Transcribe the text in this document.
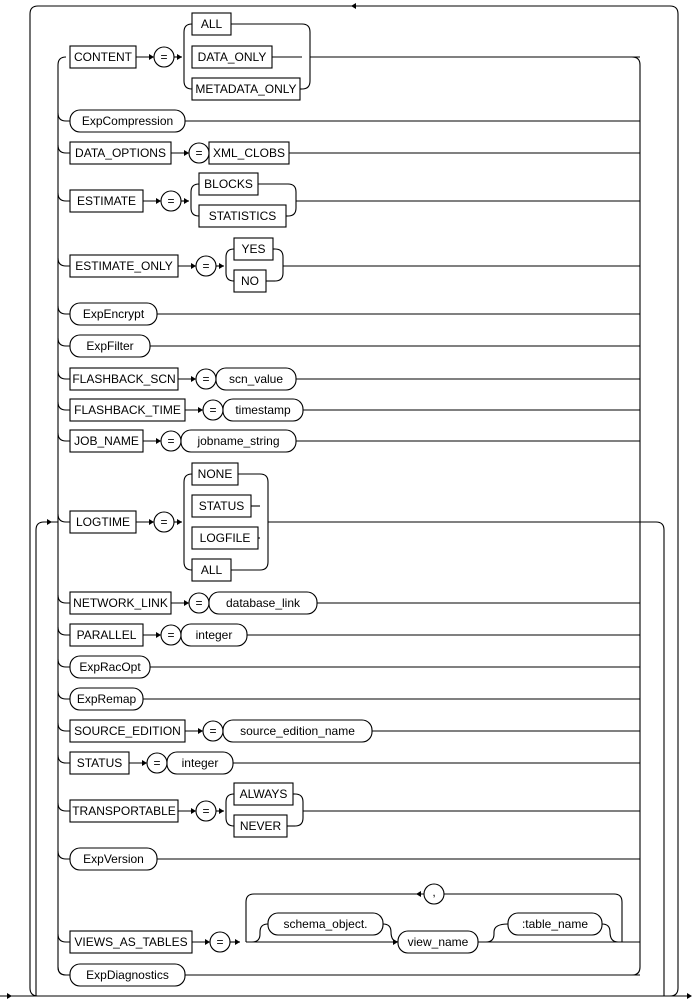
CONTENT =
ALL
DATA_ONLY
METADATA_ONLY
ExpCompression
DATA_OPTIONS = XML_CLOBS
ESTIMATE	=
BLOCKS
STATISTICS
ESTIMATE_ONLY =
YES
NO
ExpEncrypt
ExpFilter
FLASHBACK_SCN = scn_value
FLASHBACK_TIME = timestamp
JOB_NAME = jobname_string
LOGTIME	=
NONE
STATUS
LOGFILE
ALL
NETWORK_LINK = database_link
PARALLEL	= integer
ExpRacOpt
ExpRemap
SOURCE_EDITION = source_edition_name
STATUS	= integer
TRANSPORTABLE =
ALWAYS
NEVER
ExpVersion
VIEWS_AS_TABLES =
,
schema_object.
view_name
:table_name
ExpDiagnostics
